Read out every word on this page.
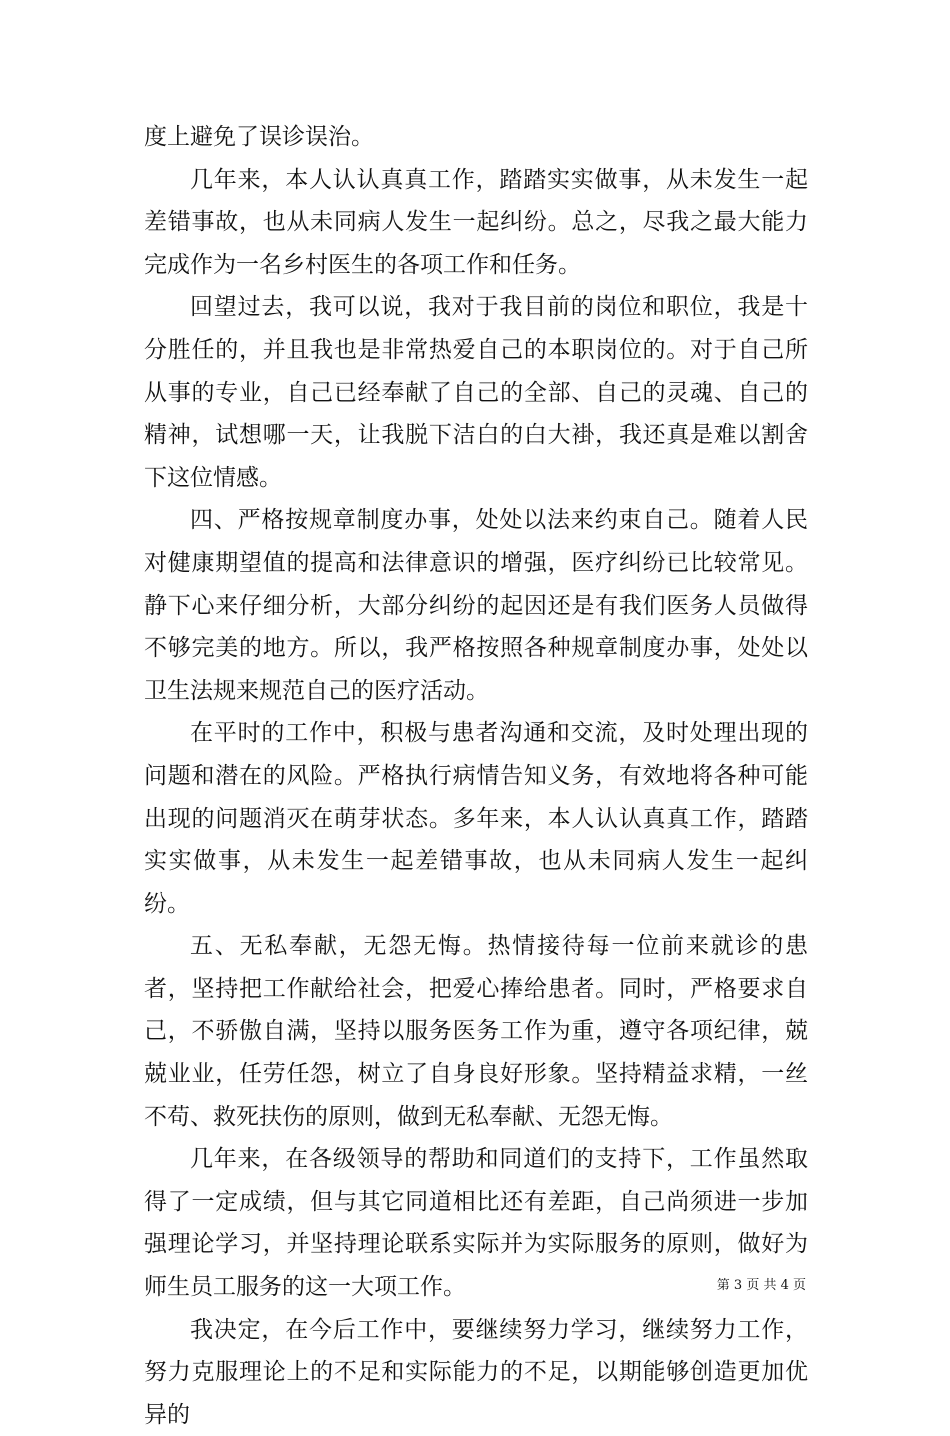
度上避免了误诊误治。

几年来，本人认认真真工作，踏踏实实做事，从未发生一起差错事故，也从未同病人发生一起纠纷。总之，尽我之最大能力完成作为一名乡村医生的各项工作和任务。

回望过去，我可以说，我对于我目前的岗位和职位，我是十分胜任的，并且我也是非常热爱自己的本职岗位的。对于自己所从事的专业，自己已经奉献了自己的全部、自己的灵魂、自己的精神，试想哪一天，让我脱下洁白的白大褂，我还真是难以割舍下这位情感。

四、严格按规章制度办事，处处以法来约束自己。随着人民对健康期望值的提高和法律意识的增强，医疗纠纷已比较常见。静下心来仔细分析，大部分纠纷的起因还是有我们医务人员做得不够完美的地方。所以，我严格按照各种规章制度办事，处处以卫生法规来规范自己的医疗活动。

在平时的工作中，积极与患者沟通和交流，及时处理出现的问题和潜在的风险。严格执行病情告知义务，有效地将各种可能出现的问题消灭在萌芽状态。多年来，本人认认真真工作，踏踏实实做事，从未发生一起差错事故，也从未同病人发生一起纠纷。

五、无私奉献，无怨无悔。热情接待每一位前来就诊的患者，坚持把工作献给社会，把爱心捧给患者。同时，严格要求自己，不骄傲自满，坚持以服务医务工作为重，遵守各项纪律，兢兢业业，任劳任怨，树立了自身良好形象。坚持精益求精，一丝不苟、救死扶伤的原则，做到无私奉献、无怨无悔。

几年来，在各级领导的帮助和同道们的支持下，工作虽然取得了一定成绩，但与其它同道相比还有差距，自己尚须进一步加强理论学习，并坚持理论联系实际并为实际服务的原则，做好为师生员工服务的这一大项工作。

我决定，在今后工作中，要继续努力学习，继续努力工作，努力克服理论上的不足和实际能力的不足，以期能够创造更加优异的

第 3 页 共 4 页
